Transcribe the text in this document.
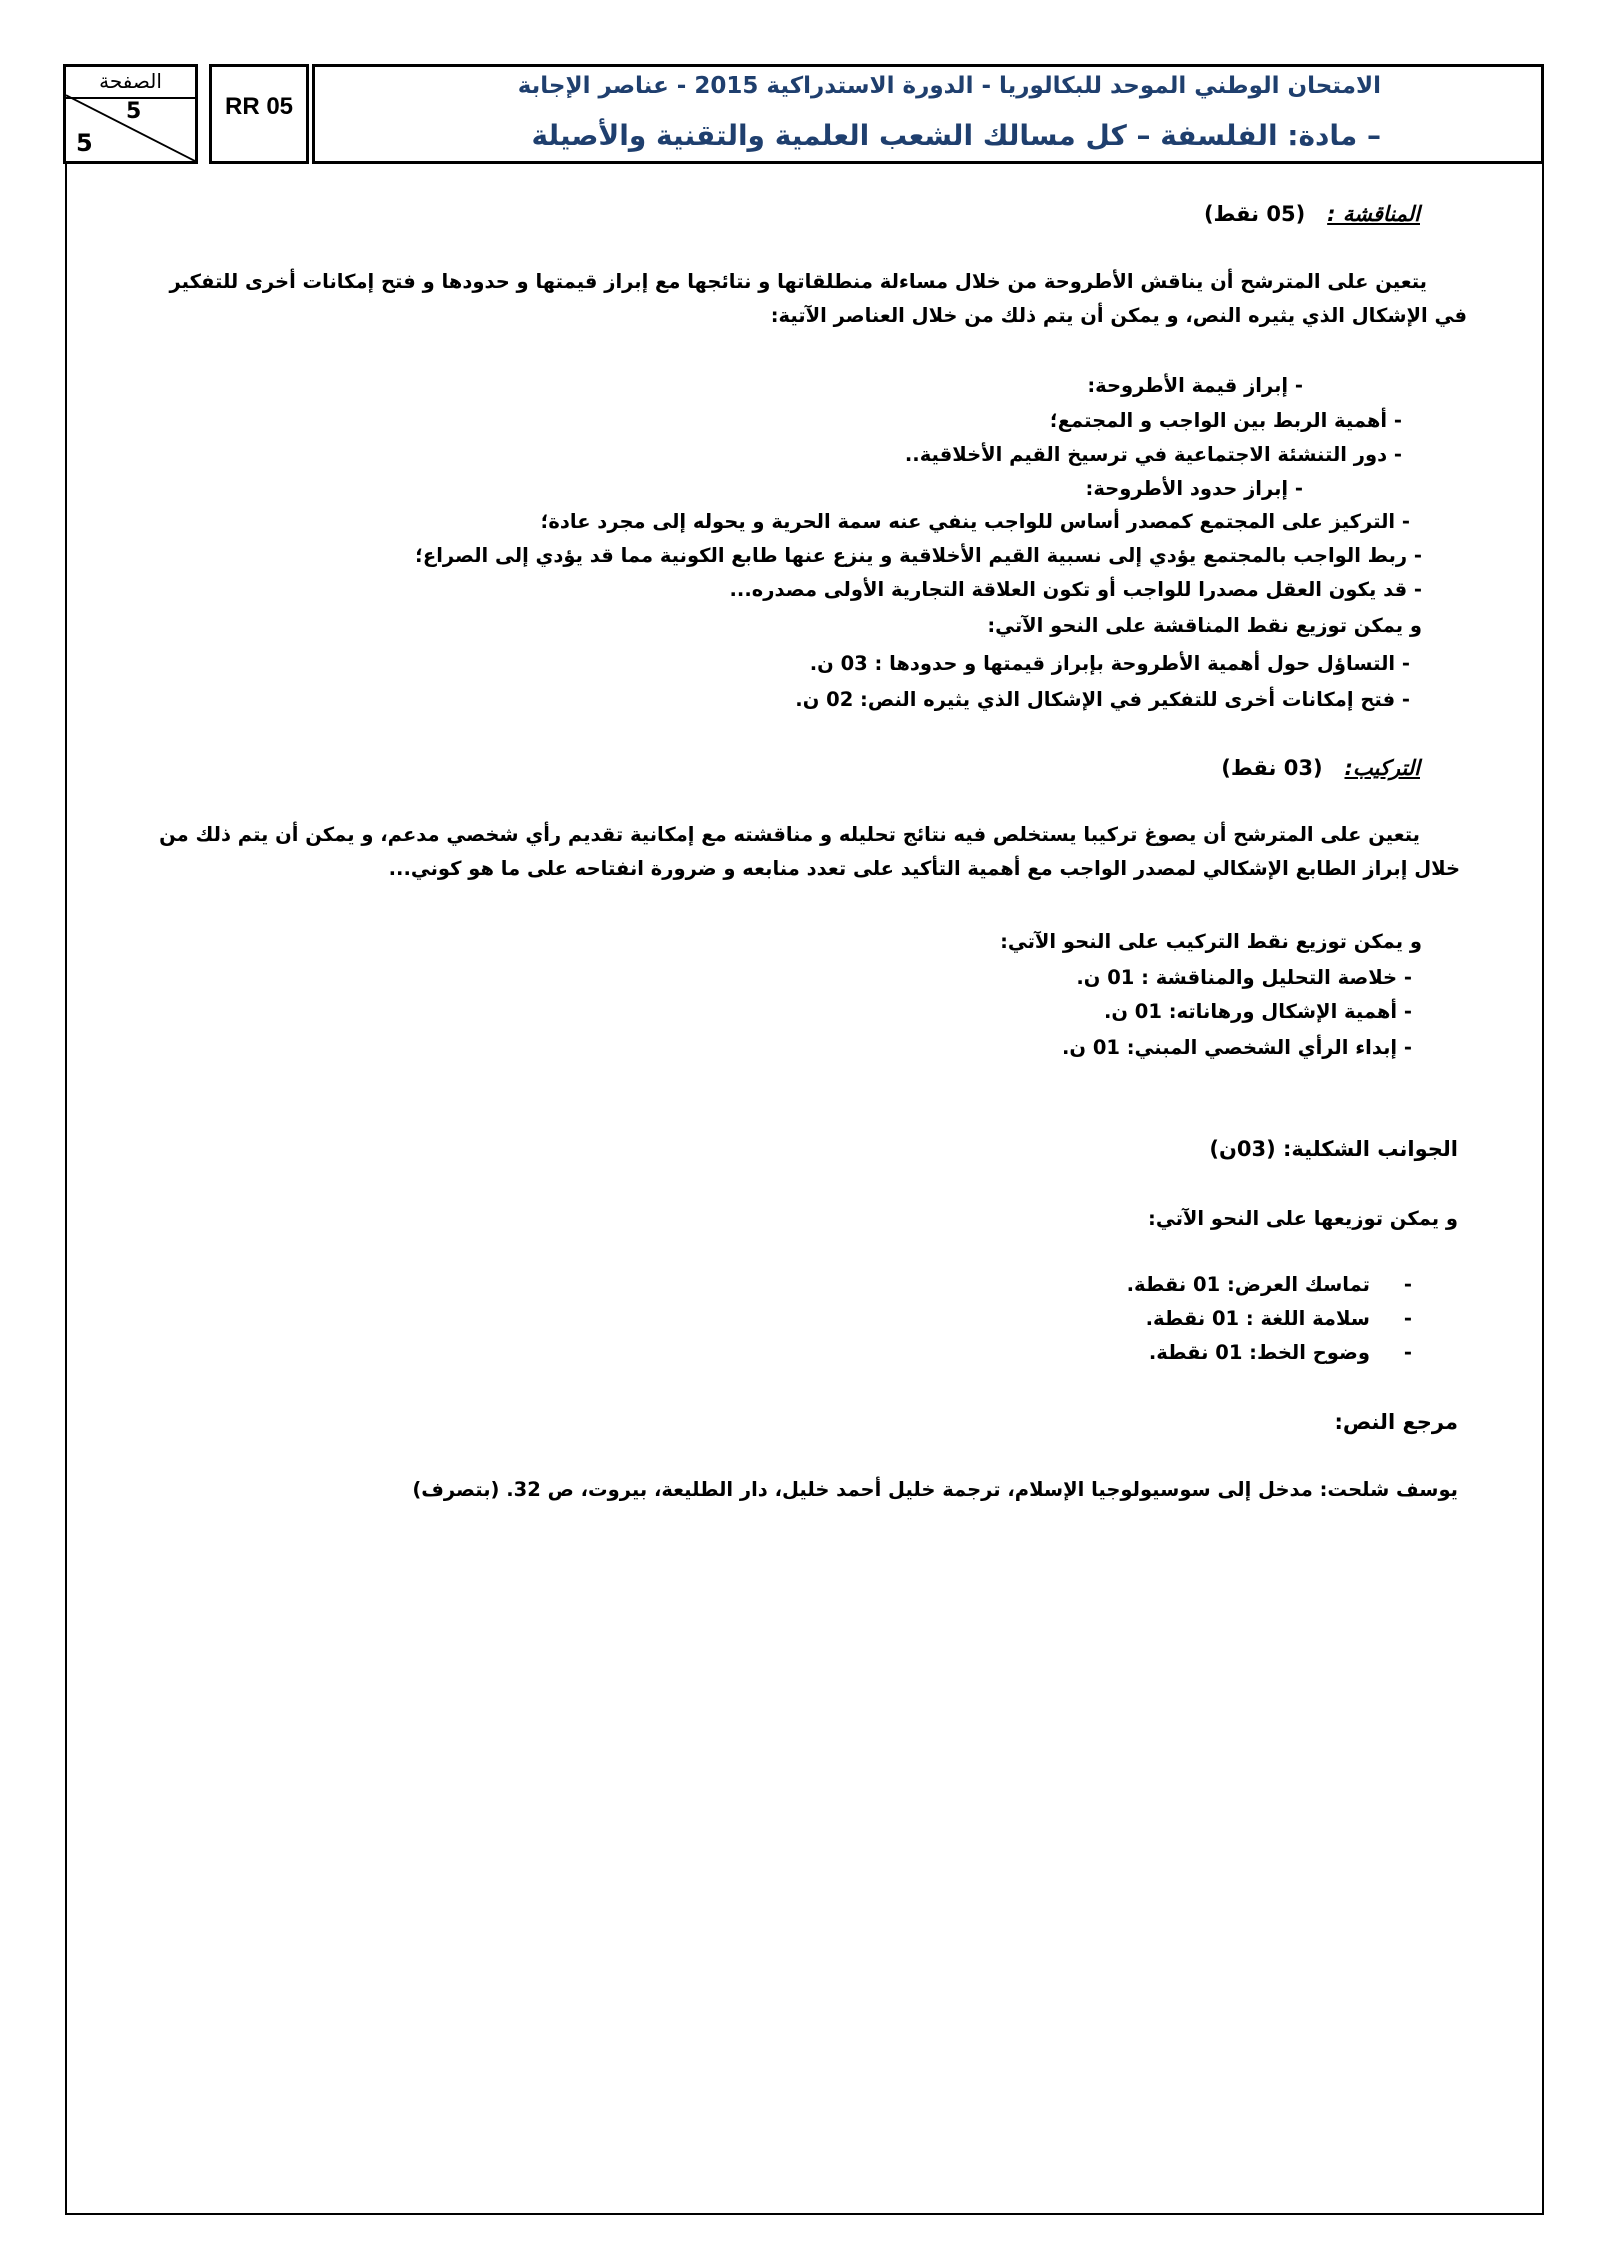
الصفحة
5
5
RR 05
الامتحان الوطني الموحد للبكالوريا - الدورة الاستدراكية 2015 - عناصر الإجابة
– مادة: الفلسفة – كل مسالك الشعب العلمية والتقنية والأصيلة
المناقشة :   (05 نقط)
يتعين على المترشح أن يناقش الأطروحة من خلال مساءلة منطلقاتها و نتائجها مع إبراز قيمتها و حدودها و فتح إمكانات أخرى للتفكير في الإشكال الذي يثيره النص، و يمكن أن يتم ذلك من خلال العناصر الآتية:
- إبراز قيمة الأطروحة:
- أهمية الربط بين الواجب و المجتمع؛
- دور التنشئة الاجتماعية في ترسيخ القيم الأخلاقية..
- إبراز حدود الأطروحة:
- التركيز على المجتمع كمصدر أساس للواجب ينفي عنه سمة الحرية و يحوله إلى مجرد عادة؛
- ربط الواجب بالمجتمع يؤدي إلى نسبية القيم الأخلاقية و ينزع عنها طابع الكونية مما قد يؤدي إلى الصراع؛
- قد يكون العقل مصدرا للواجب أو تكون العلاقة التجارية الأولى مصدره...
و يمكن توزيع نقط المناقشة على النحو الآتي:
- التساؤل حول أهمية الأطروحة بإبراز قيمتها و حدودها : 03 ن.
- فتح إمكانات أخرى للتفكير في الإشكال الذي يثيره النص: 02 ن.
التركيب:   (03 نقط)
يتعين على المترشح أن يصوغ تركيبا يستخلص فيه نتائج تحليله و مناقشته مع إمكانية تقديم رأي شخصي مدعم، و يمكن أن يتم ذلك من خلال إبراز الطابع الإشكالي لمصدر الواجب مع أهمية التأكيد على تعدد منابعه و ضرورة انفتاحه على ما هو كوني...
و يمكن توزيع نقط التركيب على النحو الآتي:
- خلاصة التحليل والمناقشة : 01 ن.
- أهمية الإشكال ورهاناته: 01 ن.
- إبداء الرأي الشخصي المبني: 01 ن.
الجوانب الشكلية: (03ن)
و يمكن توزيعها على النحو الآتي:
-     تماسك العرض: 01 نقطة.
-     سلامة اللغة : 01 نقطة.
-     وضوح الخط: 01 نقطة.
مرجع النص:
يوسف شلحت: مدخل إلى سوسيولوجيا الإسلام، ترجمة خليل أحمد خليل، دار الطليعة، بيروت، ص 32. (بتصرف)
